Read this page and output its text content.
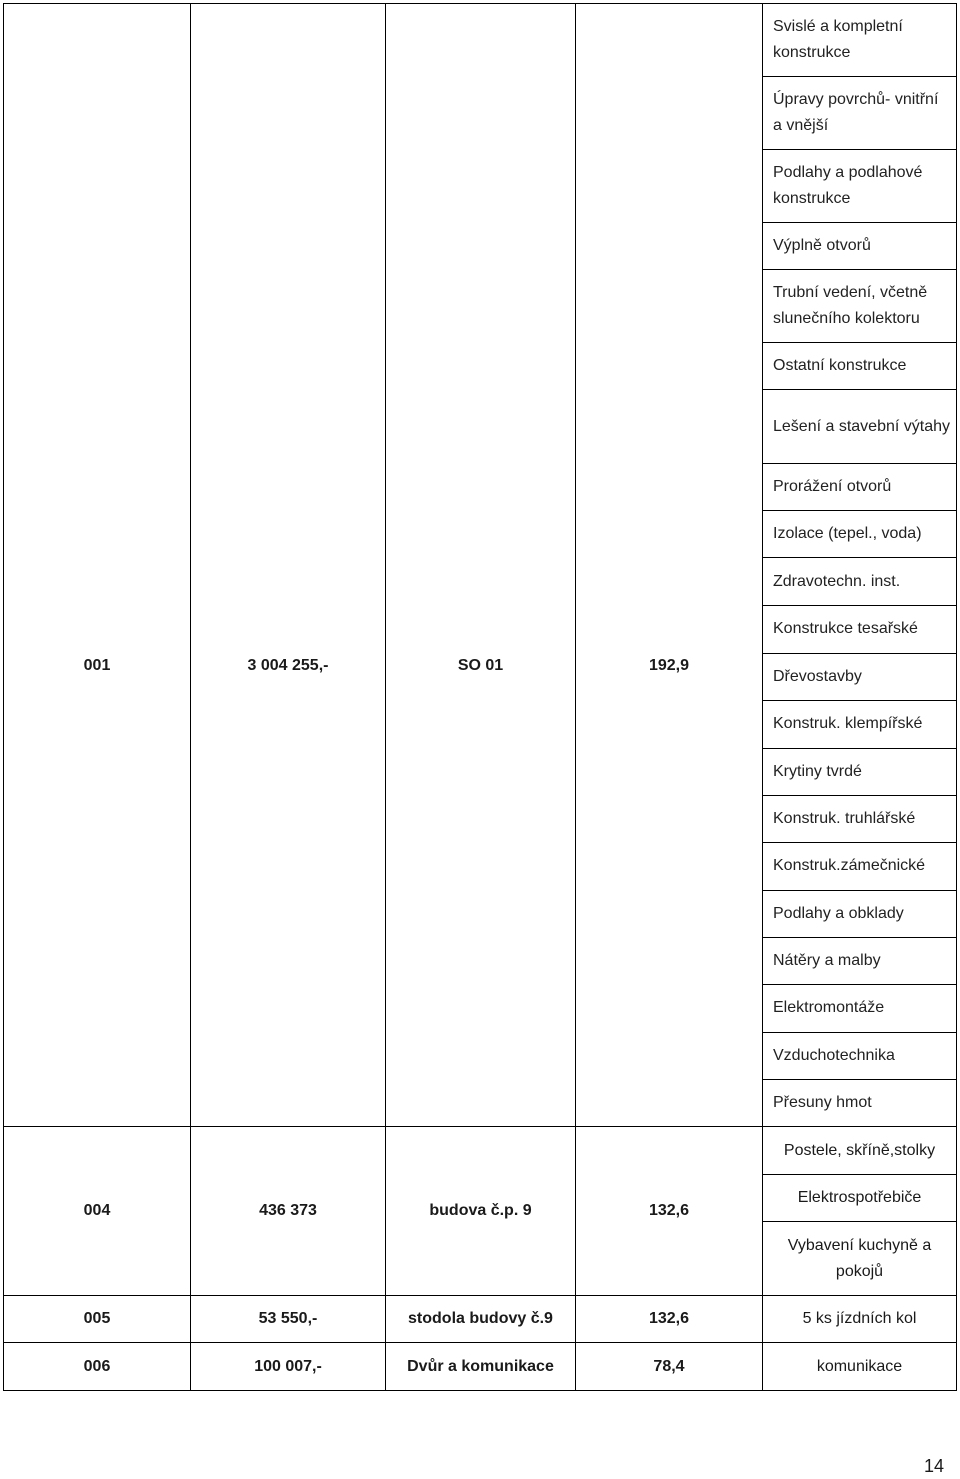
001	3 004 255,-	SO 01	192,9	Svislé a kompletní konstrukce
				Úpravy povrchů- vnitřní a vnější
				Podlahy a podlahové konstrukce
				Výplně otvorů
				Trubní vedení, včetně slunečního kolektoru
				Ostatní konstrukce
				Lešení a stavební výtahy
				Prorážení otvorů
				Izolace (tepel., voda)
				Zdravotechn. inst.
				Konstrukce tesařské
				Dřevostavby
				Konstruk. klempířské
				Krytiny tvrdé
				Konstruk. truhlářské
				Konstruk.zámečnické
				Podlahy a obklady
				Nátěry a malby
				Elektromontáže
				Vzduchotechnika
				Přesuny hmot
004	436 373	budova č.p. 9	132,6	Postele, skříně,stolky
				Elektrospotřebiče
				Vybavení kuchyně a pokojů
005	53 550,-	stodola budovy č.9	132,6	5 ks jízdních kol
006	100 007,-	Dvůr a komunikace	78,4	komunikace
14
